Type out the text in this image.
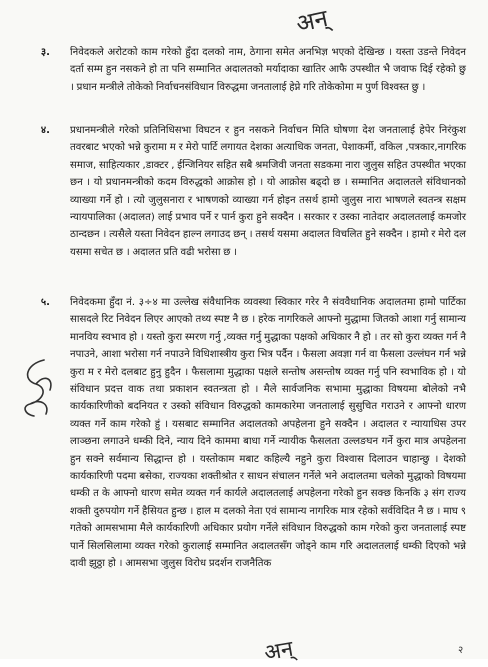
अन्
३. निवेदकले अरोटको काम गरेको हुँदा दलको नाम, ठेगाना समेत अनभिज्ञ भएको देखिन्छ । यस्ता उडन्ते निवेदन दर्ता सम्म हुन नसकने हो ता पनि सम्मानित अदालतको मर्यादाका खातिर आफै उपस्थीत भै जवाफ दिई रहेको छु । प्रधान मन्त्रीले तोकेको निर्वाचनसंविधान विरुद्धमा जनतालाई हेप्ने गरि तोकेकोमा म पुर्ण विश्वस्त छु ।
४. प्रधानमन्त्रीले गरेको प्रतिनिधिसभा विघटन र हुन नसकने निर्वाचन मिति घोषणा देश जनतालाई हेपेर निरंकुश तवरबाट भएको भन्ने कुरामा म र मेरो पार्टि लगायत देशका अत्याधिक जनता, पेशाकर्मी, वकिल ,पत्रकार,नागरिक समाज, साहित्यकार ,डाक्टर , ईन्जिनियर सहित सबै श्रमजिवी जनता सडकमा नारा जुलुस सहित उपस्थीत भएका छन । यो प्रधानमन्त्रीको कदम विरुद्धको आक्रोस हो । यो आक्रोस बढ्दो छ । सम्मानित अदालतले संविधानको व्याख्या गर्ने हो । त्यो जुलुसनारा र भाषणको व्याख्या गर्न होइन तसर्थ हामो जुलुस नारा भाषणले स्वतन्त्र सक्षम न्यायपालिका (अदालत) लाई प्रभाव पर्ने र पार्न कुरा हुने सक्दैन । सरकार र उस्का नातेदार अदालतलाई कमजोर ठान्दछन । त्यसैले यस्ता निवेदन हाल्न लगाउद छन् । तसर्थ यसमा अदालत विचलित हुने सक्दैन । हामो र मेरो दल यसमा सचेत छ । अदालत प्रति वढी भरोसा छ ।
५. निवेदकमा हुँदा नं. ३÷४ मा उल्लेख संवैधानिक व्यवस्था स्विकार गरेर नै संववैधानिक अदालतमा हामो पार्टिका सासदले रिट निवेदन लिएर आएको तथ्य स्पष्ट नै छ । हरेक नागरिकले आफ्नो मुद्धामा जितको आशा गर्नु सामान्य मानविय स्वभाव हो । यस्तो कुरा स्मरण गर्नु ,व्यक्त गर्नु मुद्धाका पक्षको अधिकार नै हो । तर सो कुरा व्यक्त गर्न नै नपाउने, आशा भरोसा गर्न नपाउने विधिशास्त्रीय कुरा भित्र पर्दैन । फैसला अवज्ञा गर्न वा फैसला उल्लंघन गर्न भन्ने कुरा म र मेरो दलबाट हुनु हुदैन । फैसलामा मुद्धाका पक्षले सन्तोष असन्तोष व्यक्त गर्नु पनि स्वभाविक हो । यो संविधान प्रदत्त वाक तथा प्रकाशन स्वतन्त्रता हो । मैले सार्वजनिक सभामा मुद्धाका विषयमा बोलेको नभै कार्यकारिणीको बदनियत र उस्को संविधान विरुद्धको कामकारेमा जनतालाई सुसुचित गराउने र आफ्नो धारण व्यक्त गर्ने काम गरेको हुं । यसबाट सम्मानित अदालतको अपहेलना हुने सक्दैन । अदालत र न्यायाधिस उपर लाञ्छना लगाउने धम्की दिने, न्याय दिने काममा बाधा गर्ने न्यायीक फैसलता उल्लङघन गर्ने कुरा मात्र अपहेलना हुन सक्ने सर्वमान्य सिद्धान्त हो । यस्तोकाम मबाट कहिल्यै नहुने कुरा विश्वास दिलाउन चाहान्छु । देशको कार्यकारिणी पदमा बसेका, राज्यका शक्तीश्रोत र साधन संचालन गर्नेले भने अदालतमा चलेको मुद्धाको विषयमा धम्की त के आफ्नो धारण समेत व्यक्त गर्न कार्यले अदालतलाई अपहेलना गरेको हुन सक्छ किनकि ३ संग राज्य शक्ती दुरुपयोग गर्ने हैसियत हुन्छ । हाल म दलको नेता एवं सामान्य नागरिक मात्र रहेको सर्वविदित नै छ । माघ ९ गतेको आमसभामा मैले कार्यकारिणी अधिकार प्रयोग गर्नेले संविधान विरुद्धको काम गरेको कुरा जनतालाई स्पष्ट पार्ने सिलसिलामा व्यक्त गरेको कुरालाई सम्मानित अदालतसँग जोड्ने काम गरि अदालतलाई धम्की दिएको भन्ने दावी झुठ्ठा हो । आमसभा जुलुस विरोध प्रदर्शन राजनैतिक
अन्	२
